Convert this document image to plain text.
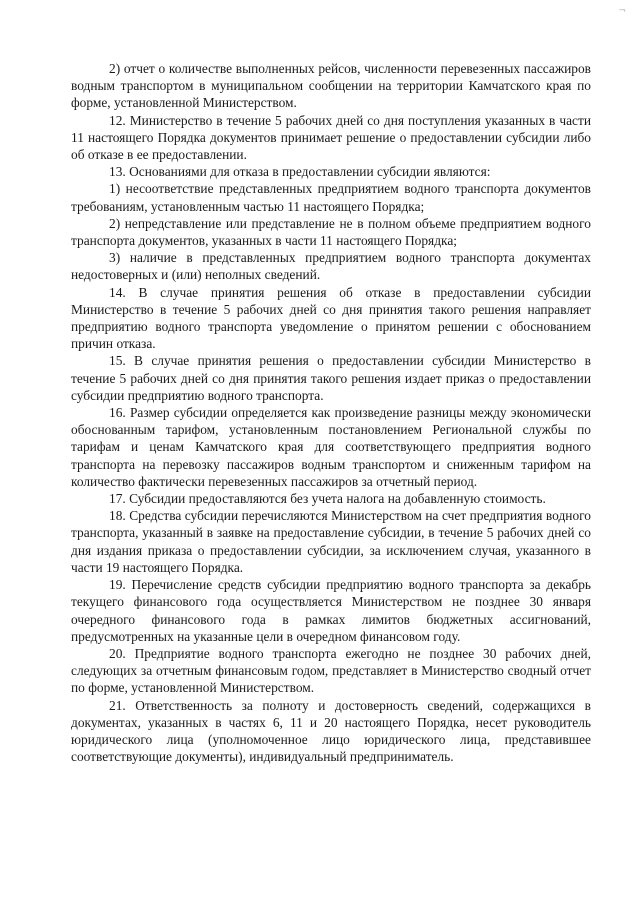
¬

2) отчет о количестве выполненных рейсов, численности перевезенных пассажиров водным транспортом в муниципальном сообщении на территории Камчатского края по форме, установленной Министерством.

12. Министерство в течение 5 рабочих дней со дня поступления указанных в части 11 настоящего Порядка документов принимает решение о предоставлении субсидии либо об отказе в ее предоставлении.

13. Основаниями для отказа в предоставлении субсидии являются:

1) несоответствие представленных предприятием водного транспорта документов требованиям, установленным частью 11 настоящего Порядка;

2) непредставление или представление не в полном объеме предприятием водного транспорта документов, указанных в части 11 настоящего Порядка;

3) наличие в представленных предприятием водного транспорта документах недостоверных и (или) неполных сведений.

14. В случае принятия решения об отказе в предоставлении субсидии Министерство в течение 5 рабочих дней со дня принятия такого решения направляет предприятию водного транспорта уведомление о принятом решении с обоснованием причин отказа.

15. В случае принятия решения о предоставлении субсидии Министерство в течение 5 рабочих дней со дня принятия такого решения издает приказ о предоставлении субсидии предприятию водного транспорта.

16. Размер субсидии определяется как произведение разницы между экономически обоснованным тарифом, установленным постановлением Региональной службы по тарифам и ценам Камчатского края для соответствующего предприятия водного транспорта на перевозку пассажиров водным транспортом и сниженным тарифом на количество фактически перевезенных пассажиров за отчетный период.

17. Субсидии предоставляются без учета налога на добавленную стоимость.

18. Средства субсидии перечисляются Министерством на счет предприятия водного транспорта, указанный в заявке на предоставление субсидии, в течение 5 рабочих дней со дня издания приказа о предоставлении субсидии, за исключением случая, указанного в части 19 настоящего Порядка.

19. Перечисление средств субсидии предприятию водного транспорта за декабрь текущего финансового года осуществляется Министерством не позднее 30 января очередного финансового года в рамках лимитов бюджетных ассигнований, предусмотренных на указанные цели в очередном финансовом году.

20. Предприятие водного транспорта ежегодно не позднее 30 рабочих дней, следующих за отчетным финансовым годом, представляет в Министерство сводный отчет по форме, установленной Министерством.

21. Ответственность за полноту и достоверность сведений, содержащихся в документах, указанных в частях 6, 11 и 20 настоящего Порядка, несет руководитель юридического лица (уполномоченное лицо юридического лица, представившее соответствующие документы), индивидуальный предприниматель.
